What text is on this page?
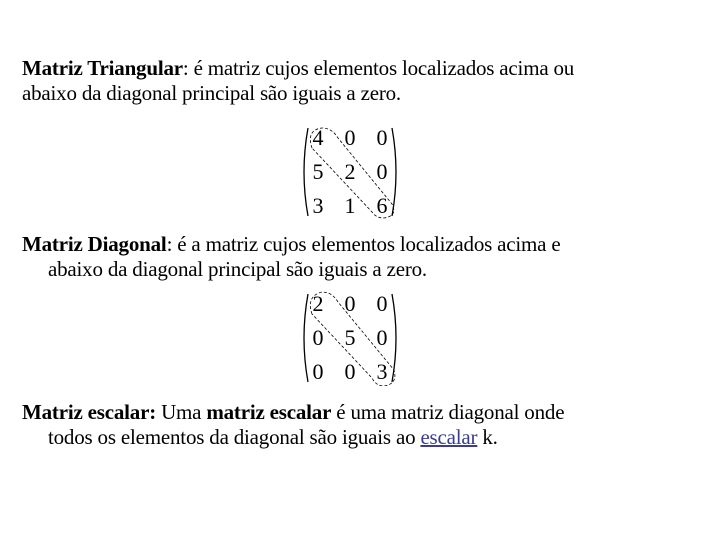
Matriz Triangular: é matriz cujos elementos localizados acima ou
abaixo da diagonal principal são iguais a zero.
4 0 0
5 2 0
3 1 6
Matriz Diagonal: é a matriz cujos elementos localizados acima e
abaixo da diagonal principal são iguais a zero.
2 0 0
0 5 0
0 0 3
Matriz escalar: Uma matriz escalar é uma matriz diagonal onde
todos os elementos da diagonal são iguais ao escalar k.
